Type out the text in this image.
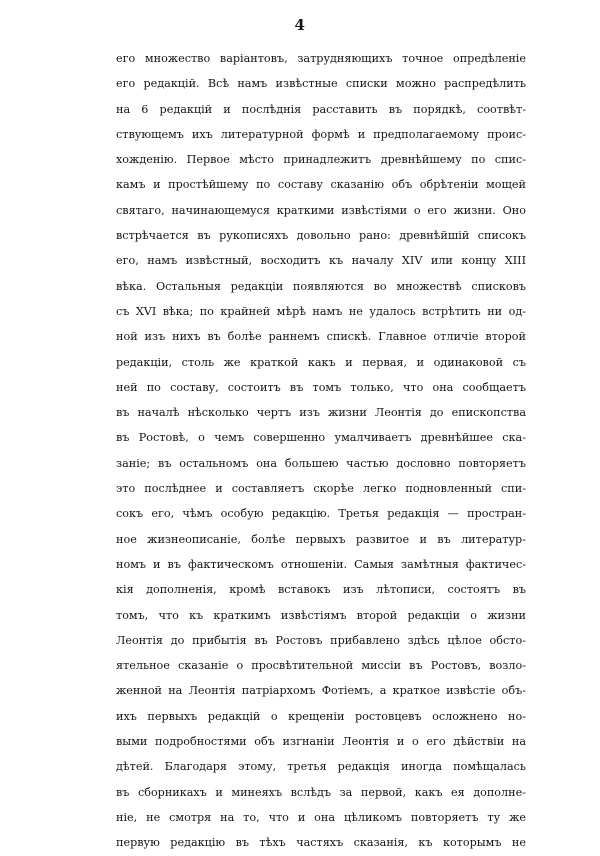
4
его множество варіантовъ, затрудняющихъ точное опредѣленіе
его редакцій. Всѣ намъ извѣстные списки можно распредѣлить
на 6 редакцій и послѣднія расставить въ порядкѣ, соотвѣт-
ствующемъ ихъ литературной формѣ и предполагаемому проис-
хожденію. Первое мѣсто принадлежитъ древнѣйшему по спис-
камъ и простѣйшему по составу сказанію объ обрѣтеніи мощей
святаго, начинающемуся краткими извѣстіями о его жизни. Оно
встрѣчается въ рукописяхъ довольно рано: древнѣйшій списокъ
его, намъ извѣстный, восходитъ къ началу XIV или концу XIII
вѣка. Остальныя редакціи появляются во множествѣ списковъ
съ XVI вѣка; по крайней мѣрѣ намъ не удалось встрѣтить ни од-
ной изъ нихъ въ болѣе раннемъ спискѣ. Главное отличіе второй
редакціи, столь же краткой какъ и первая, и одинаковой съ
ней по составу, состоитъ въ томъ только, что она сообщаетъ
въ началѣ нѣсколько чертъ изъ жизни Леонтія до епископства
въ Ростовѣ, о чемъ совершенно умалчиваетъ древнѣйшее ска-
заніе; въ остальномъ она большею частью дословно повторяетъ
это послѣднее и составляетъ скорѣе легко подновленный спи-
сокъ его, чѣмъ особую редакцію. Третья редакція — простран-
ное жизнеописаніе, болѣе первыхъ развитое и въ литератур-
номъ и въ фактическомъ отношеніи. Самыя замѣтныя фактичес-
кія дополненія, кромѣ вставокъ изъ лѣтописи, состоятъ въ
томъ, что къ краткимъ извѣстіямъ второй редакціи о жизни
Леонтія до прибытія въ Ростовъ прибавлено здѣсь цѣлое обсто-
ятельное сказаніе о просвѣтительной миссіи въ Ростовъ, возло-
женной на Леонтія патріархомъ Фотіемъ, а краткое извѣстіе объ-
ихъ первыхъ редакцій о крещеніи ростовцевъ осложнено но-
выми подробностями объ изгнаніи Леонтія и о его дѣйствіи на
дѣтей. Благодаря этому, третья редакція иногда помѣщалась
въ сборникахъ и минеяхъ вслѣдъ за первой, какъ ея дополне-
ніе, не смотря на то, что и она цѣликомъ повторяетъ ту же
первую редакцію въ тѣхъ частяхъ сказанія, къ которымъ не
